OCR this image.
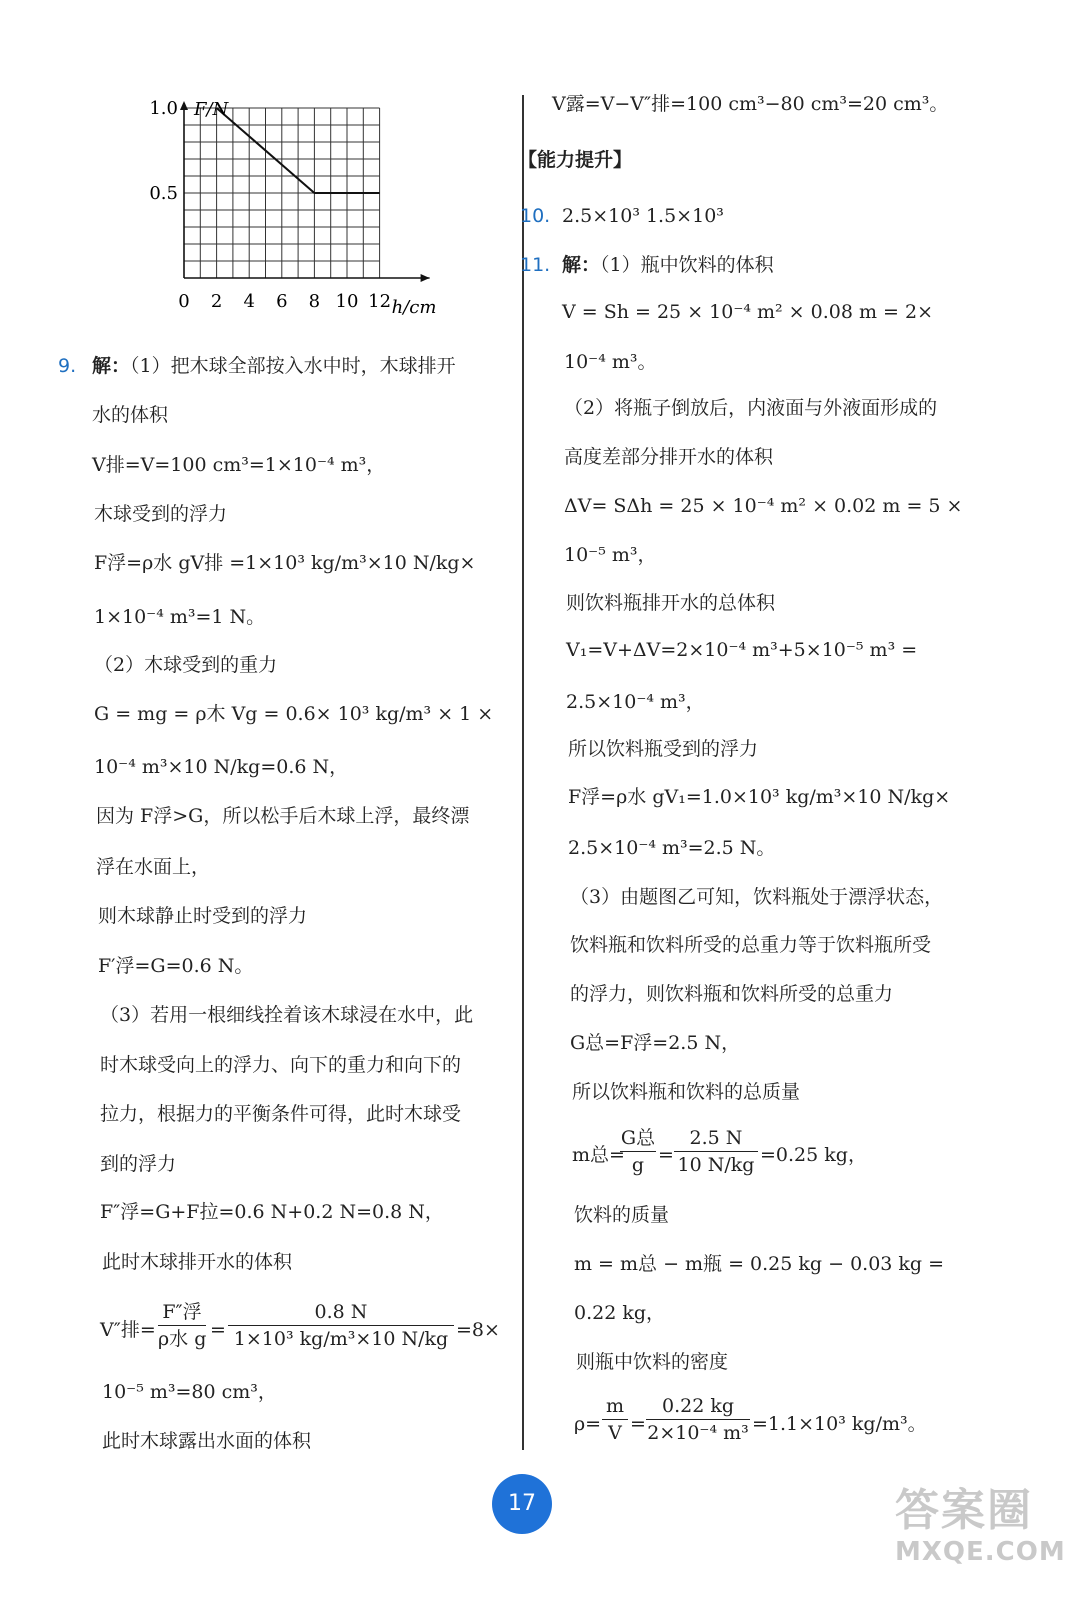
0 2 4 6 8 10 12
1.0
0.5
F/N
h/cm
9. 解：（1）把木球全部按入水中时，木球排开
水的体积
V排=V=100 cm³=1×10⁻⁴ m³，
木球受到的浮力
F浮=ρ水 gV排 =1×10³ kg/m³×10 N/kg×
1×10⁻⁴ m³=1 N。
（2）木球受到的重力
G = mg = ρ木 Vg = 0.6× 10³ kg/m³ × 1 ×
10⁻⁴ m³×10 N/kg=0.6 N，
因为 F浮>G，所以松手后木球上浮，最终漂
浮在水面上，
则木球静止时受到的浮力
F′浮=G=0.6 N。
（3）若用一根细线拴着该木球浸在水中，此
时木球受向上的浮力、向下的重力和向下的
拉力，根据力的平衡条件可得，此时木球受
到的浮力
F″浮=G+F拉=0.6 N+0.2 N=0.8 N，
此时木球排开水的体积
V″排=
F″浮
ρ水 g =
0.8 N
1×10³ kg/m³×10 N/kg =8×
10⁻⁵ m³=80 cm³，
此时木球露出水面的体积
V露=V−V″排=100 cm³−80 cm³=20 cm³。
【能力提升】
10. 2.5×10³ 1.5×10³
11. 解：（1）瓶中饮料的体积
V = Sh = 25 × 10⁻⁴ m² × 0.08 m = 2×
10⁻⁴ m³。
（2）将瓶子倒放后，内液面与外液面形成的
高度差部分排开水的体积
ΔV= SΔh = 25 × 10⁻⁴ m² × 0.02 m = 5 ×
10⁻⁵ m³，
则饮料瓶排开水的总体积
V₁=V+ΔV=2×10⁻⁴ m³+5×10⁻⁵ m³ =
2.5×10⁻⁴ m³，
所以饮料瓶受到的浮力
F浮=ρ水 gV₁=1.0×10³ kg/m³×10 N/kg×
2.5×10⁻⁴ m³=2.5 N。
（3）由题图乙可知，饮料瓶处于漂浮状态，
饮料瓶和饮料所受的总重力等于饮料瓶所受
的浮力，则饮料瓶和饮料所受的总重力
G总=F浮=2.5 N，
所以饮料瓶和饮料的总质量
m总=
G总
g =
2.5 N
10 N/kg =0.25 kg，
饮料的质量
m = m总 − m瓶 = 0.25 kg − 0.03 kg =
0.22 kg，
则瓶中饮料的密度
ρ=
m
V =
0.22 kg
2×10⁻⁴ m³ =1.1×10³ kg/m³。
17	答案圈
MXQE.COM
